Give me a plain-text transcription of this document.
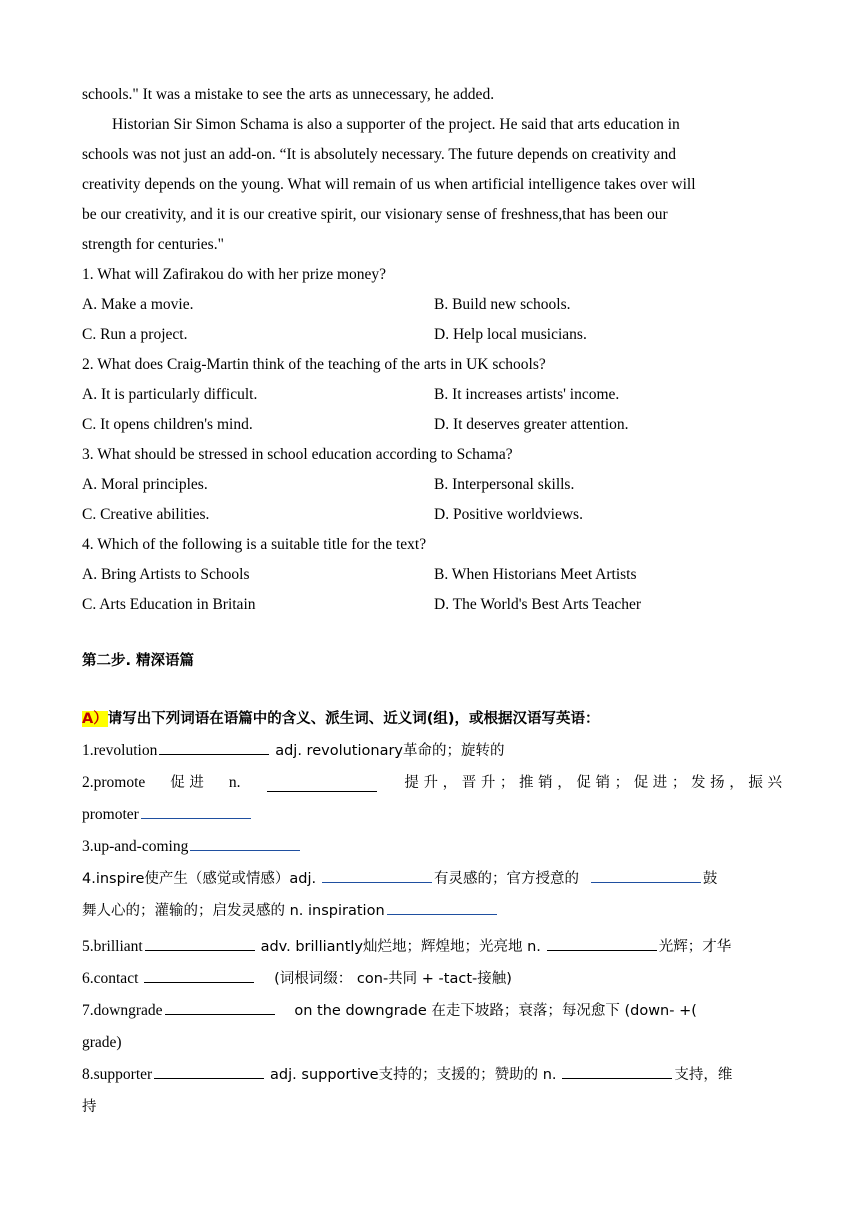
schools." It was a mistake to see the arts as unnecessary, he added.
Historian Sir Simon Schama is also a supporter of the project. He said that arts education in
schools was not just an add-on. “It is absolutely necessary. The future depends on creativity and
creativity depends on the young. What will remain of us when artificial intelligence takes over will
be our creativity, and it is our creative spirit, our visionary sense of freshness,that has been our
strength for centuries."
1. What will Zafirakou do with her prize money?
A. Make a movie.	B. Build new schools.
C. Run a project.	D. Help local musicians.
2. What does Craig-Martin think of the teaching of the arts in UK schools?
A. It is particularly difficult.	B. It increases artists' income.
C. It opens children's mind.	D. It deserves greater attention.
3. What should be stressed in school education according to Schama?
A. Moral principles.	B. Interpersonal skills.
C. Creative abilities.	D. Positive worldviews.
4. Which of the following is a suitable title for the text?
A. Bring Artists to Schools	B. When Historians Meet Artists
C. Arts Education in Britain	D. The World's Best Arts Teacher
第二步. 精深语篇
A）请写出下列词语在语篇中的含义、派生词、近义词(组)，或根据汉语写英语：
1.revolution	adj. revolutionary革命的；旋转的
2.promote 促 进 n.	提 升 ， 晋 升 ； 推 销 ， 促 销 ； 促 进 ； 发 扬 ， 振 兴
promoter
3.up-and-coming
4.inspire使产生（感觉或情感）adj.	有灵感的；官方授意的	鼓
舞人心的；灌输的；启发灵感的 n. inspiration
5.brilliant	adv. brilliantly灿烂地；辉煌地；光亮地 n.	光辉；才华
6.contact	(词根词缀： con-共同 + -tact-接触)
7.downgrade	on the downgrade 在走下坡路；衰落；每况愈下 (down- +(
grade)
8.supporter	adj. supportive支持的；支援的；赞助的 n.	支持，维
持
